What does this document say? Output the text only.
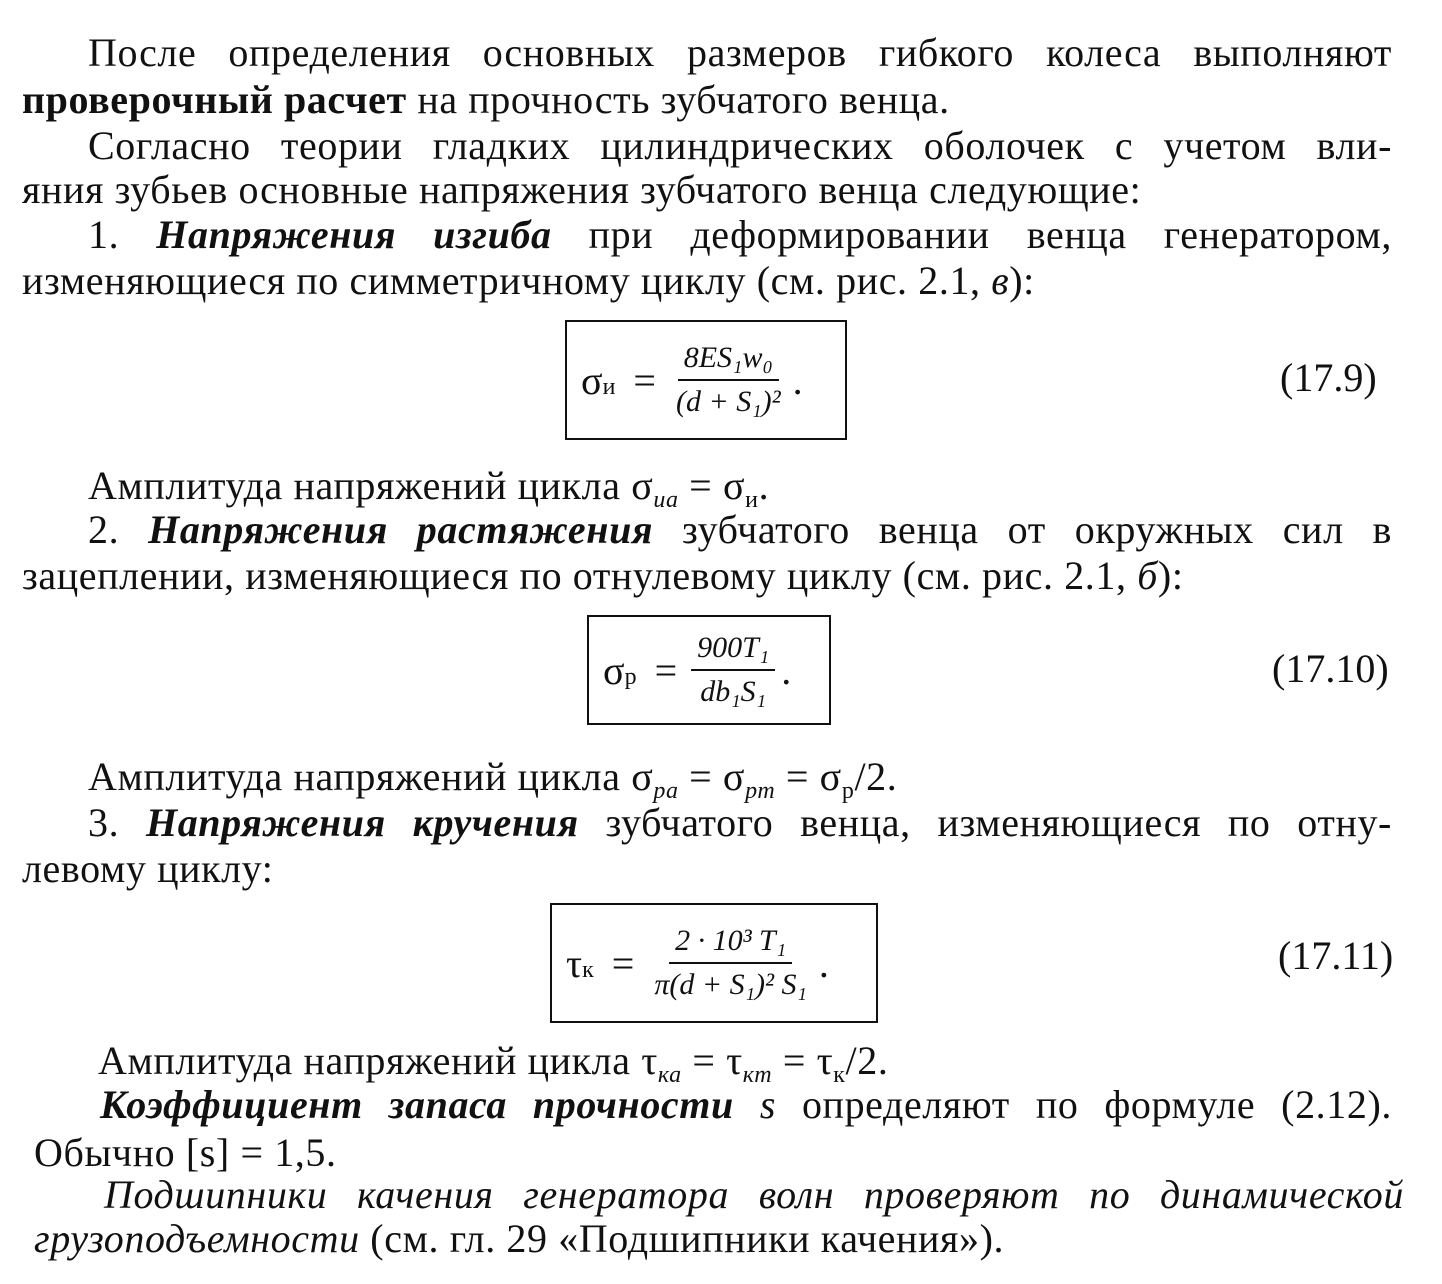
После определения основных размеров гибкого колеса выполняют
проверочный расчет на прочность зубчатого венца.
Согласно теории гладких цилиндрических оболочек с учетом вли-
яния зубьев основные напряжения зубчатого венца следующие:
1. Напряжения изгиба при деформировании венца генератором,
изменяющиеся по симметричному циклу (см. рис. 2.1, в):
σ $и = \frac{\text{8ES₁w₀}}{\text{(d + S₁)²}}$ .	(17.9)
Амплитуда напряжений цикла $\sigma_{иа} = \sigma_и$.
2. Напряжения растяжения зубчатого венца от окружных сил в
зацеплении, изменяющиеся по отнулевому циклу (см. рис. 2.1, б):
σ $р = \frac{\text{900T₁}}{\text{db₁S₁}}$ .	(17.10)
Амплитуда напряжений цикла $\sigma_{ра} = \sigma_{рт} = \sigma_р/2$.
3. Напряжения кручения зубчатого венца, изменяющиеся по отну-
левому циклу:
τ $к = \frac{\text{2 · 10³ T₁}}{\text{π(d + S₁)² S₁}}$ .	(17.11)
Амплитуда напряжений цикла $\tau_{ка} = \tau_{кт} = \tau_к/2$.
Коэффициент запаса прочности s определяют по формуле (2.12).
Обычно [s] = 1,5.
Подшипники качения генератора волн проверяют по динамической
грузоподъемности (см. гл. 29 «Подшипники качения»).
